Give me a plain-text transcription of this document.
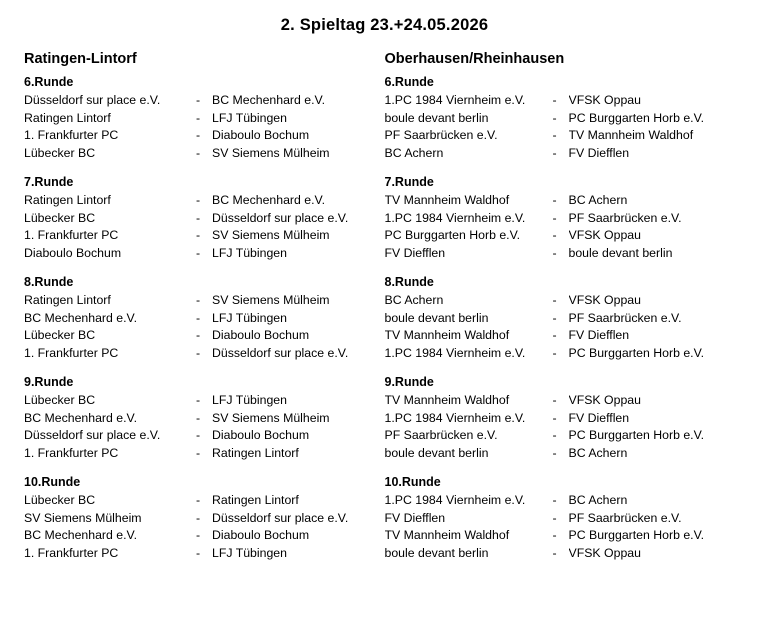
2. Spieltag 23.+24.05.2026
Ratingen-Lintorf
6.Runde
Düsseldorf sur place e.V.	- BC Mechenhard e.V.
Ratingen Lintorf	- LFJ Tübingen
1. Frankfurter PC	- Diaboulo Bochum
Lübecker BC	- SV Siemens Mülheim
7.Runde
Ratingen Lintorf	- BC Mechenhard e.V.
Lübecker BC	- Düsseldorf sur place e.V.
1. Frankfurter PC	- SV Siemens Mülheim
Diaboulo Bochum	- LFJ Tübingen
8.Runde
Ratingen Lintorf	- SV Siemens Mülheim
BC Mechenhard e.V.	- LFJ Tübingen
Lübecker BC	- Diaboulo Bochum
1. Frankfurter PC	- Düsseldorf sur place e.V.
9.Runde
Lübecker BC	- LFJ Tübingen
BC Mechenhard e.V.	- SV Siemens Mülheim
Düsseldorf sur place e.V.	- Diaboulo Bochum
1. Frankfurter PC	- Ratingen Lintorf
10.Runde
Lübecker BC	- Ratingen Lintorf
SV Siemens Mülheim	- Düsseldorf sur place e.V.
BC Mechenhard e.V.	- Diaboulo Bochum
1. Frankfurter PC	- LFJ Tübingen
Oberhausen/Rheinhausen
6.Runde
1.PC 1984 Viernheim e.V.	- VFSK Oppau
boule devant berlin	- PC Burggarten Horb e.V.
PF Saarbrücken e.V.	- TV Mannheim Waldhof
BC Achern	- FV Diefflen
7.Runde
TV Mannheim Waldhof	- BC Achern
1.PC 1984 Viernheim e.V.	- PF Saarbrücken e.V.
PC Burggarten Horb e.V.	- VFSK Oppau
FV Diefflen	- boule devant berlin
8.Runde
BC Achern	- VFSK Oppau
boule devant berlin	- PF Saarbrücken e.V.
TV Mannheim Waldhof	- FV Diefflen
1.PC 1984 Viernheim e.V.	- PC Burggarten Horb e.V.
9.Runde
TV Mannheim Waldhof	- VFSK Oppau
1.PC 1984 Viernheim e.V.	- FV Diefflen
PF Saarbrücken e.V.	- PC Burggarten Horb e.V.
boule devant berlin	- BC Achern
10.Runde
1.PC 1984 Viernheim e.V.	- BC Achern
FV Diefflen	- PF Saarbrücken e.V.
TV Mannheim Waldhof	- PC Burggarten Horb e.V.
boule devant berlin	- VFSK Oppau
